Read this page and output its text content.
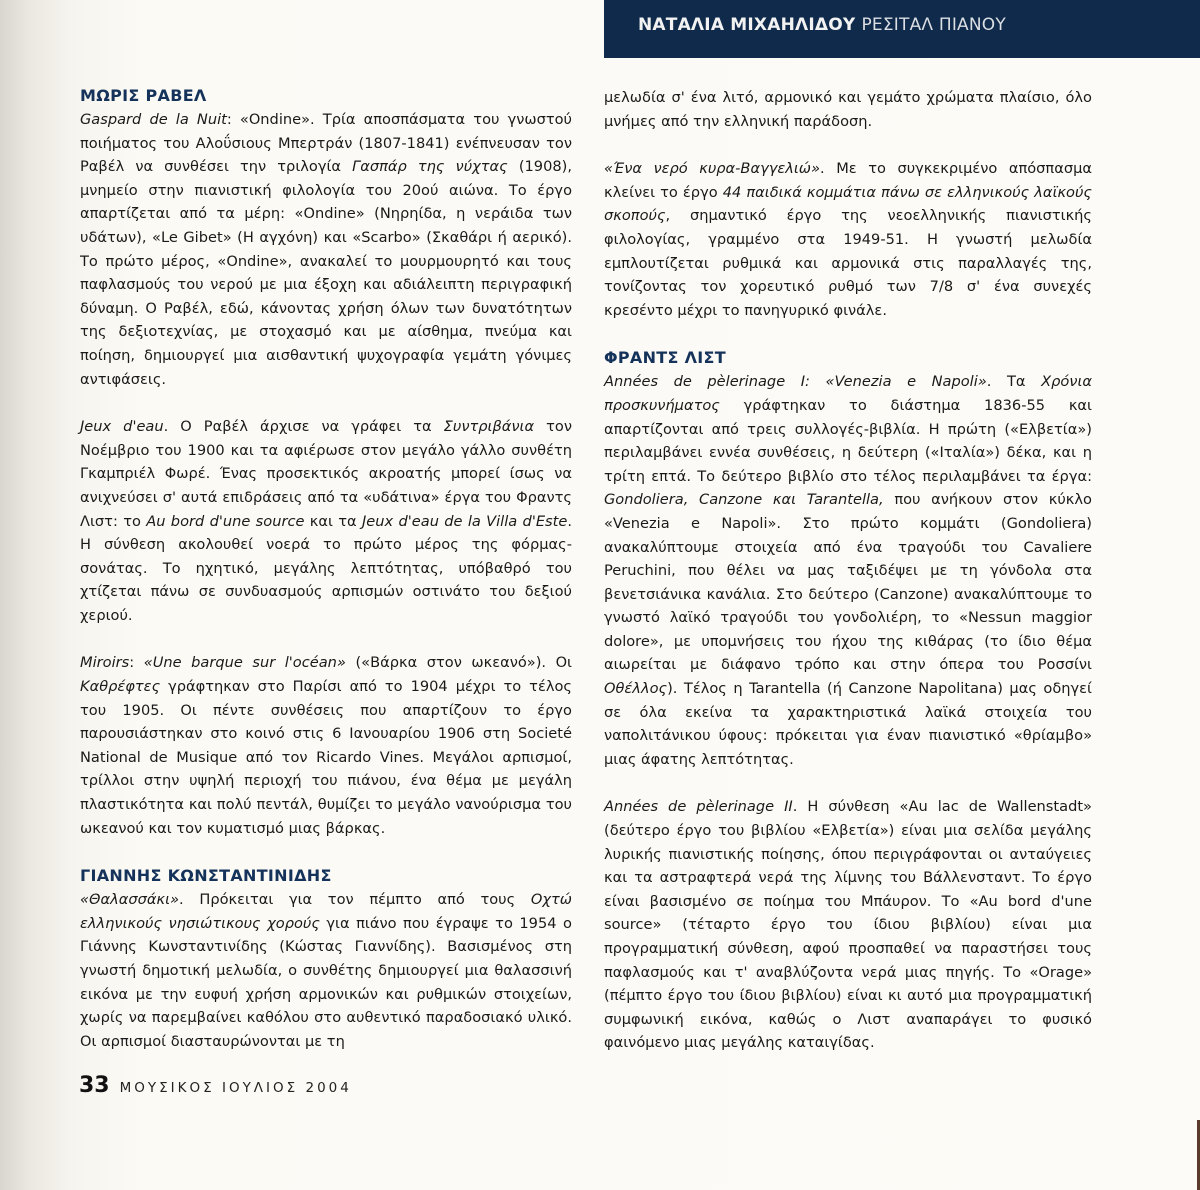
ΝΑΤΑΛΙΑ ΜΙΧΑΗΛΙΔΟΥ ΡΕΣΙΤΑΛ ΠΙΑΝΟΥ
ΜΩΡΙΣ ΡΑΒΕΛ

Gaspard de la Nuit: «Ondine». Τρία αποσπάσματα του γνωστού ποιήματος του Αλοΰσιους Μπερτράν (1807-1841) ενέπνευσαν τον Ραβέλ να συνθέσει την τριλογία Γασπάρ της νύχτας (1908), μνημείο στην πιανιστική φιλολογία του 20ού αιώνα. Το έργο απαρτίζεται από τα μέρη: «Ondine» (Νηρηίδα, η νεράιδα των υδάτων), «Le Gibet» (Η αγχόνη) και «Scarbo» (Σκαθάρι ή αερικό). Το πρώτο μέρος, «Ondine», ανακαλεί το μουρμουρητό και τους παφλασμούς του νερού με μια έξοχη και αδιάλειπτη περιγραφική δύναμη. Ο Ραβέλ, εδώ, κάνοντας χρήση όλων των δυνατότητων της δεξιοτεχνίας, με στοχασμό και με αίσθημα, πνεύμα και ποίηση, δημιουργεί μια αισθαντική ψυχογραφία γεμάτη γόνιμες αντιφάσεις.

Jeux d'eau. Ο Ραβέλ άρχισε να γράφει τα Συντριβάνια τον Νοέμβριο του 1900 και τα αφιέρωσε στον μεγάλο γάλλο συνθέτη Γκαμπριέλ Φωρέ. Ένας προσεκτικός ακροατής μπορεί ίσως να ανιχνεύσει σ' αυτά επιδράσεις από τα «υδάτινα» έργα του Φραντς Λιστ: το Au bord d'une source και τα Jeux d'eau de la Villa d'Este. Η σύνθεση ακολουθεί νοερά το πρώτο μέρος της φόρμας-σονάτας. Το ηχητικό, μεγάλης λεπτότητας, υπόβαθρό του χτίζεται πάνω σε συνδυασμούς αρπισμών οστινάτο του δεξιού χεριού.

Miroirs: «Une barque sur l'océan» («Βάρκα στον ωκεανό»). Οι Καθρέφτες γράφτηκαν στο Παρίσι από το 1904 μέχρι το τέλος του 1905. Οι πέντε συνθέσεις που απαρτίζουν το έργο παρουσιάστηκαν στο κοινό στις 6 Ιανουαρίου 1906 στη Societé National de Musique από τον Ricardo Vines. Μεγάλοι αρπισμοί, τρίλλοι στην υψηλή περιοχή του πιάνου, ένα θέμα με μεγάλη πλαστικότητα και πολύ πεντάλ, θυμίζει το μεγάλο νανούρισμα του ωκεανού και τον κυματισμό μιας βάρκας.

ΓΙΑΝΝΗΣ ΚΩΝΣΤΑΝΤΙΝΙΔΗΣ

«Θαλασσάκι». Πρόκειται για τον πέμπτο από τους Οχτώ ελληνικούς νησιώτικους χορούς για πιάνο που έγραψε το 1954 ο Γιάννης Κωνσταντινίδης (Κώστας Γιαννίδης). Βασισμένος στη γνωστή δημοτική μελωδία, ο συνθέτης δημιουργεί μια θαλασσινή εικόνα με την ευφυή χρήση αρμονικών και ρυθμικών στοιχείων, χωρίς να παρεμβαίνει καθόλου στο αυθεντικό παραδοσιακό υλικό. Οι αρπισμοί διασταυρώνονται με τη

μελωδία σ' ένα λιτό, αρμονικό και γεμάτο χρώματα πλαίσιο, όλο μνήμες από την ελληνική παράδοση.

«Ένα νερό κυρα-Βαγγελιώ». Με το συγκεκριμένο απόσπασμα κλείνει το έργο 44 παιδικά κομμάτια πάνω σε ελληνικούς λαϊκούς σκοπούς, σημαντικό έργο της νεοελληνικής πιανιστικής φιλολογίας, γραμμένο στα 1949-51. Η γνωστή μελωδία εμπλουτίζεται ρυθμικά και αρμονικά στις παραλλαγές της, τονίζοντας τον χορευτικό ρυθμό των 7/8 σ' ένα συνεχές κρεσέντο μέχρι το πανηγυρικό φινάλε.

ΦΡΑΝΤΣ ΛΙΣΤ

Années de pèlerinage I: «Venezia e Napoli». Τα Χρόνια προσκυνήματος γράφτηκαν το διάστημα 1836-55 και απαρτίζονται από τρεις συλλογές-βιβλία. Η πρώτη («Ελβετία») περιλαμβάνει εννέα συνθέσεις, η δεύτερη («Ιταλία») δέκα, και η τρίτη επτά. Το δεύτερο βιβλίο στο τέλος περιλαμβάνει τα έργα: Gondoliera, Canzone και Tarantella, που ανήκουν στον κύκλο «Venezia e Napoli». Στο πρώτο κομμάτι (Gondoliera) ανακαλύπτουμε στοιχεία από ένα τραγούδι του Cavaliere Peruchini, που θέλει να μας ταξιδέψει με τη γόνδολα στα βενετσιάνικα κανάλια. Στο δεύτερο (Canzone) ανακαλύπτουμε το γνωστό λαϊκό τραγούδι του γονδολιέρη, το «Nessun maggior dolore», με υπομνήσεις του ήχου της κιθάρας (το ίδιο θέμα αιωρείται με διάφανο τρόπο και στην όπερα του Ροσσίνι Οθέλλος). Τέλος η Tarantella (ή Canzone Napolitana) μας οδηγεί σε όλα εκείνα τα χαρακτηριστικά λαϊκά στοιχεία του ναπολιτάνικου ύφους: πρόκειται για έναν πιανιστικό «θρίαμβο» μιας άφατης λεπτότητας.

Années de pèlerinage II. Η σύνθεση «Au lac de Wallenstadt» (δεύτερο έργο του βιβλίου «Ελβετία») είναι μια σελίδα μεγάλης λυρικής πιανιστικής ποίησης, όπου περιγράφονται οι ανταύγειες και τα αστραφτερά νερά της λίμνης του Βάλλενσταντ. Το έργο είναι βασισμένο σε ποίημα του Μπάυρον. Το «Au bord d'une source» (τέταρτο έργο του ίδιου βιβλίου) είναι μια προγραμματική σύνθεση, αφού προσπαθεί να παραστήσει τους παφλασμούς και τ' αναβλύζοντα νερά μιας πηγής. Το «Orage» (πέμπτο έργο του ίδιου βιβλίου) είναι κι αυτό μια προγραμματική συμφωνική εικόνα, καθώς ο Λιστ αναπαράγει το φυσικό φαινόμενο μιας μεγάλης καταιγίδας.

33 ΜΟΥΣΙΚΟΣ ΙΟΥΛΙΟΣ 2004
